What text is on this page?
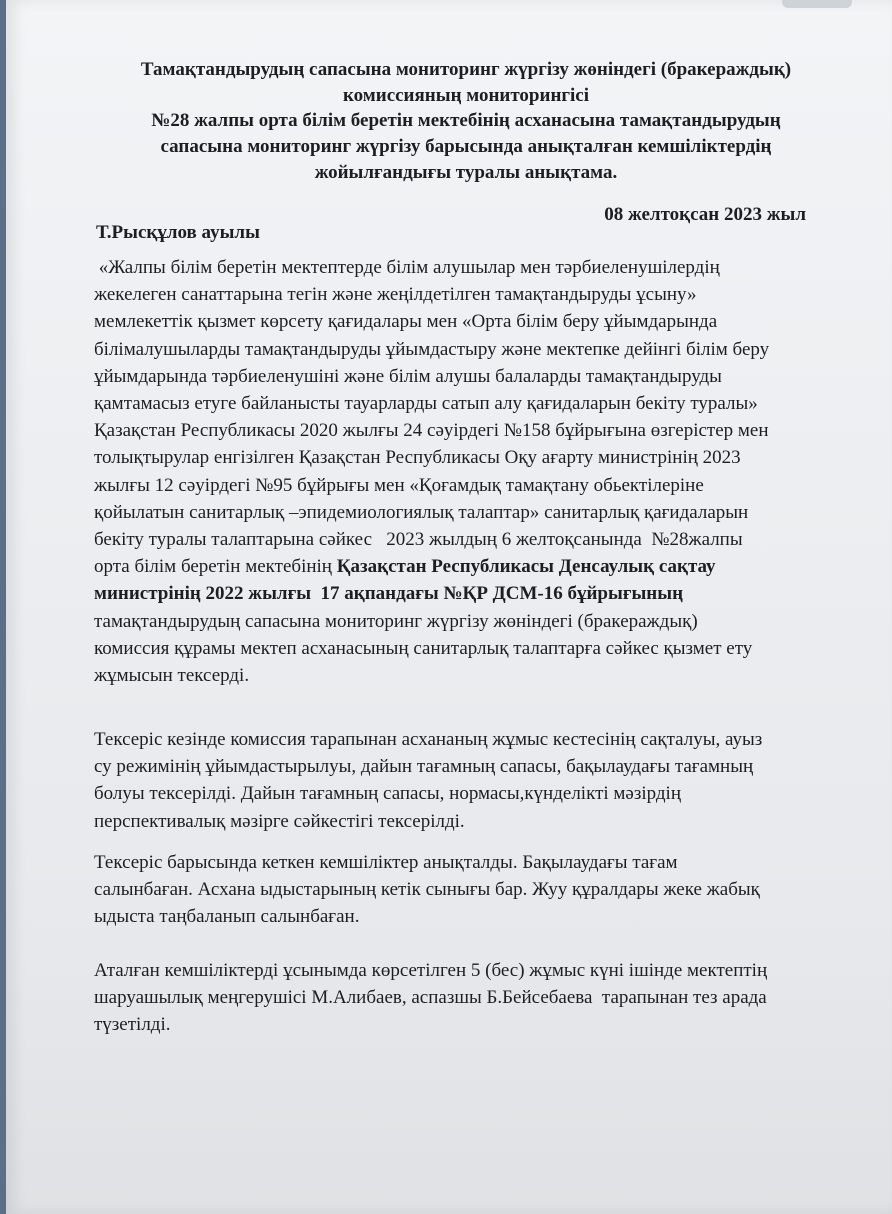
Тамақтандырудың сапасына мониторинг жүргізу жөніндегі (бракераждық)
комиссияның мониторингісі
№28 жалпы орта білім беретін мектебінің асханасына тамақтандырудың
сапасына мониторинг жүргізу барысында анықталған кемшіліктердің
жойылғандығы туралы анықтама.
Т.Рысқұлов ауылы
08 желтоқсан 2023 жыл
«Жалпы білім беретін мектептерде білім алушылар мен тәрбиеленушілердің
жекелеген санаттарына тегін және жеңілдетілген тамақтандыруды ұсыну»
мемлекеттік қызмет көрсету қағидалары мен «Орта білім беру ұйымдарында
білімалушыларды тамақтандыруды ұйымдастыру және мектепке дейінгі білім беру
ұйымдарында тәрбиеленушіні және білім алушы балаларды тамақтандыруды
қамтамасыз етуге байланысты тауарларды сатып алу қағидаларын бекіту туралы»
Қазақстан Республикасы 2020 жылғы 24 сәуірдегі №158 бұйрығына өзгерістер мен
толықтырулар енгізілген Қазақстан Республикасы Оқу ағарту министрінің 2023
жылғы 12 сәуірдегі №95 бұйрығы мен «Қоғамдық тамақтану обьектілеріне
қойылатын санитарлық –эпидемиологиялық талаптар» санитарлық қағидаларын
бекіту туралы талаптарына сәйкес   2023 жылдың 6 желтоқсанында  №28жалпы
орта білім беретін мектебінің Қазақстан Республикасы Денсаулық сақтау
министрінің 2022 жылғы  17 ақпандағы №ҚР ДСМ-16 бұйрығының
тамақтандырудың сапасына мониторинг жүргізу жөніндегі (бракераждық)
комиссия құрамы мектеп асханасының санитарлық талаптарға сәйкес қызмет ету
жұмысын тексерді.
Тексеріс кезінде комиссия тарапынан асхананың жұмыс кестесінің сақталуы, ауыз
су режимінің ұйымдастырылуы, дайын тағамның сапасы, бақылаудағы тағамның
болуы тексерілді. Дайын тағамның сапасы, нормасы,күнделікті мәзірдің
перспективалық мәзірге сәйкестігі тексерілді.
Тексеріс барысында кеткен кемшіліктер анықталды. Бақылаудағы тағам
салынбаған. Асхана ыдыстарының кетік сынығы бар. Жуу құралдары жеке жабық
ыдыста таңбаланып салынбаған.
Аталған кемшіліктерді ұсынымда көрсетілген 5 (бес) жұмыс күні ішінде мектептің
шаруашылық меңгерушісі М.Алибаев, аспазшы Б.Бейсебаева  тарапынан тез арада
түзетілді.
